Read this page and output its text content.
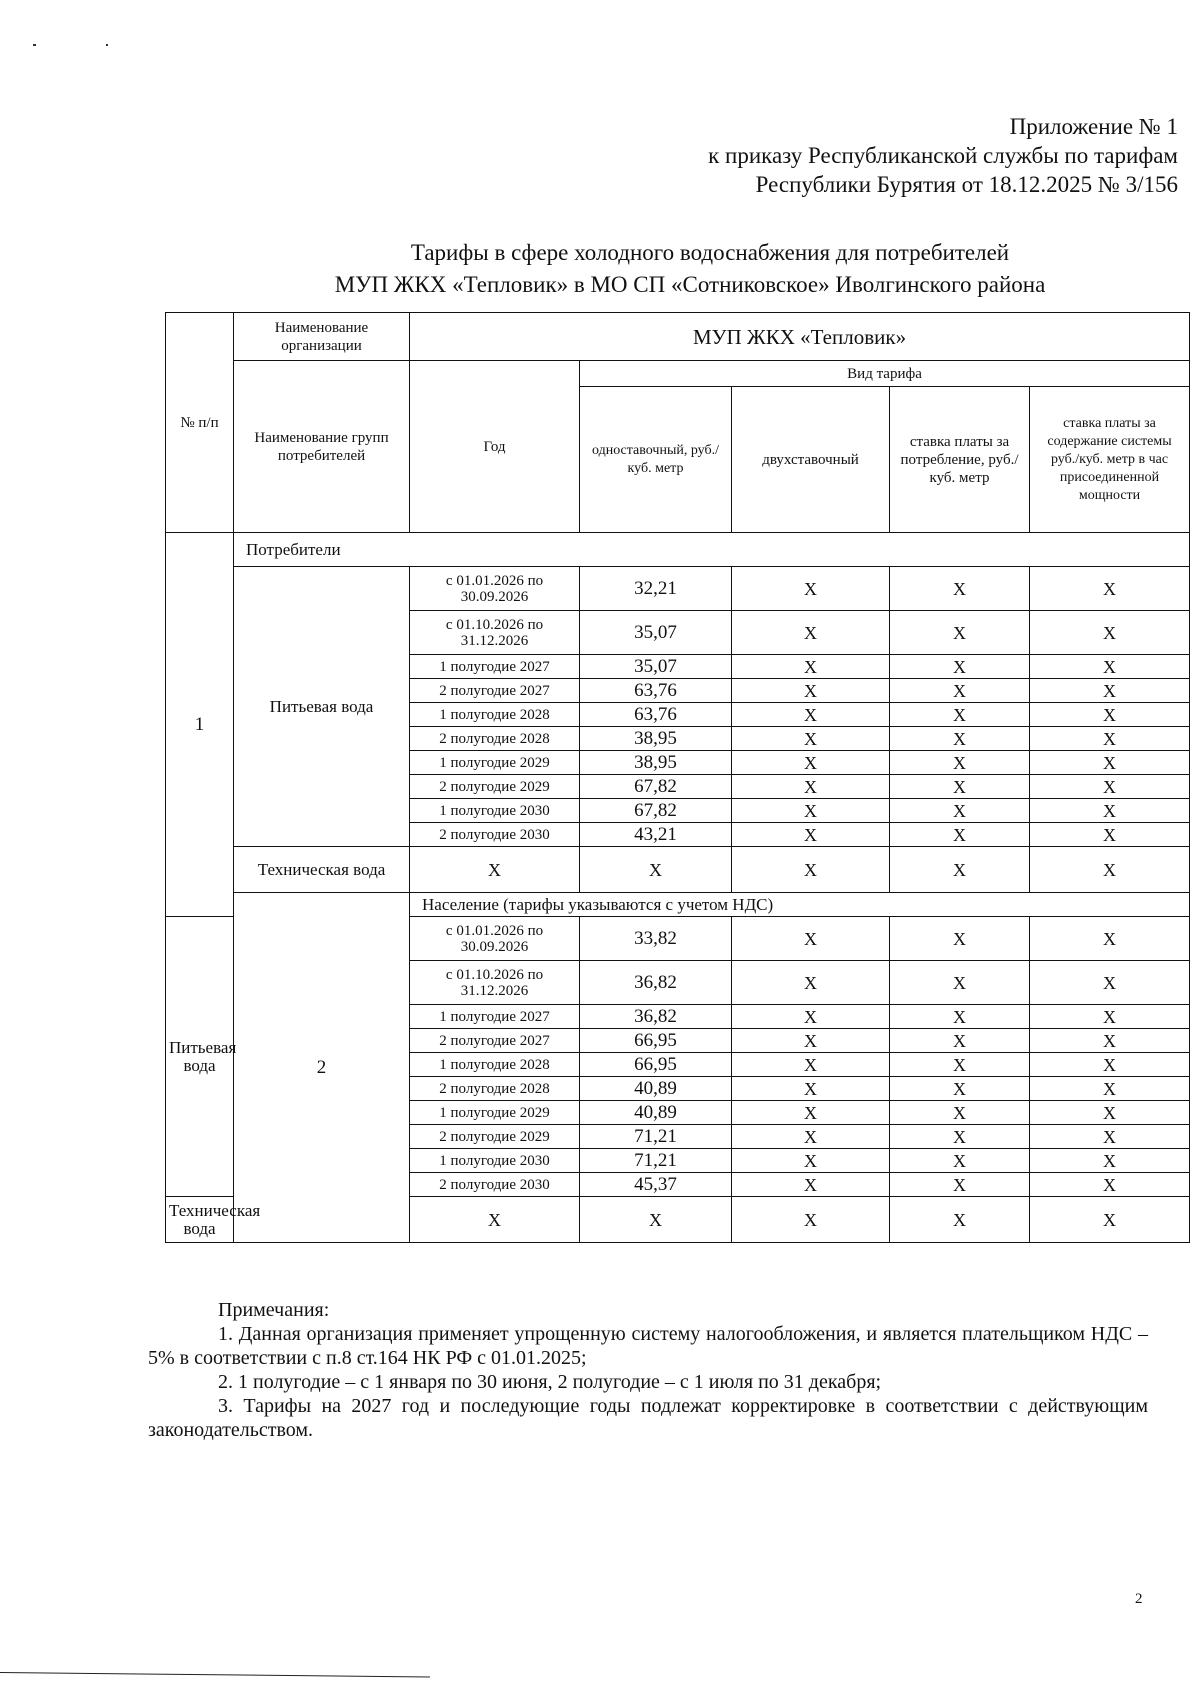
Приложение № 1
к приказу Республиканской службы по тарифам
Республики Бурятия от 18.12.2025 № 3/156
Тарифы в сфере холодного водоснабжения для потребителей
МУП ЖКХ «Тепловик» в МО СП «Сотниковское» Иволгинского района
№ п/п	Наименование организации	МУП ЖКХ «Тепловик»				
	Наименование групп потребителей	Год	Вид тарифа			
			одноставочный, руб./ куб. метр	двухставочный	ставка платы за потребление, руб./ куб. метр	ставка платы за содержание системы руб./куб. метр в час присоединенной мощности
1	Потребители					
	Питьевая вода	с 01.01.2026 по 30.09.2026	32,21	X	X	X
		с 01.10.2026 по 31.12.2026	35,07	X	X	X
		1 полугодие 2027	35,07	X	X	X
		2 полугодие 2027	63,76	X	X	X
		1 полугодие 2028	63,76	X	X	X
		2 полугодие 2028	38,95	X	X	X
		1 полугодие 2029	38,95	X	X	X
		2 полугодие 2029	67,82	X	X	X
		1 полугодие 2030	67,82	X	X	X
		2 полугодие 2030	43,21	X	X	X
	Техническая вода	X	X	X	X	X
	2	Население (тарифы указываются с учетом НДС)				
Питьевая вода		с 01.01.2026 по 30.09.2026	33,82	X	X	X
		с 01.10.2026 по 31.12.2026	36,82	X	X	X
		1 полугодие 2027	36,82	X	X	X
		2 полугодие 2027	66,95	X	X	X
		1 полугодие 2028	66,95	X	X	X
		2 полугодие 2028	40,89	X	X	X
		1 полугодие 2029	40,89	X	X	X
		2 полугодие 2029	71,21	X	X	X
		1 полугодие 2030	71,21	X	X	X
		2 полугодие 2030	45,37	X	X	X
Техническая вода		X	X	X	X	X
Примечания:

1. Данная организация применяет упрощенную систему налогообложения, и является плательщиком НДС – 5% в соответствии с п.8 ст.164 НК РФ с 01.01.2025;

2. 1 полугодие – с 1 января по 30 июня, 2 полугодие – с 1 июля по 31 декабря;

3. Тарифы на 2027 год и последующие годы подлежат корректировке в соответствии с действующим законодательством.

2
